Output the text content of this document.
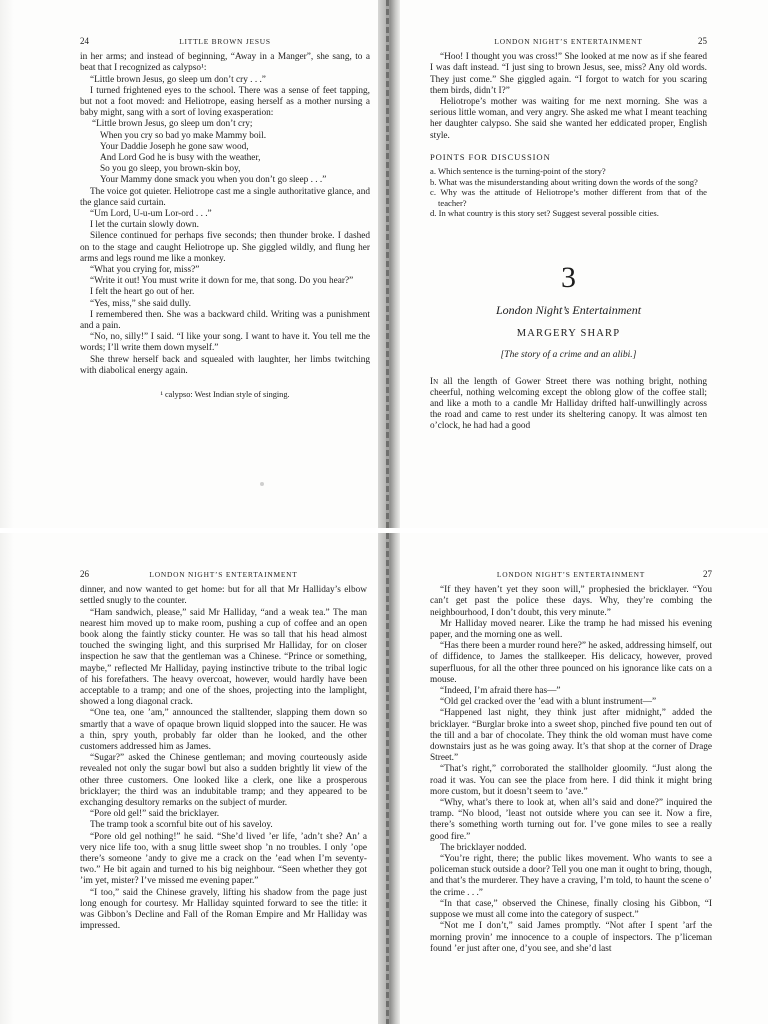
24	LITTLE BROWN JESUS

in her arms; and instead of beginning, “Away in a Manger”, she sang, to a beat that I recognized as calypso¹:

“Little brown Jesus, go sleep um don’t cry . . .”

I turned frightened eyes to the school. There was a sense of feet tapping, but not a foot moved: and Heliotrope, easing herself as a mother nursing a baby might, sang with a sort of loving exasperation:

“Little brown Jesus, go sleep um don’t cry;
When you cry so bad yo make Mammy boil.
Your Daddie Joseph he gone saw wood,
And Lord God he is busy with the weather,
So you go sleep, you brown-skin boy,
Your Mammy done smack you when you don’t go sleep . . .”

The voice got quieter. Heliotrope cast me a single authoritative glance, and the glance said curtain.

“Um Lord, U-u-um Lor-ord . . .”

I let the curtain slowly down.

Silence continued for perhaps five seconds; then thunder broke. I dashed on to the stage and caught Heliotrope up. She giggled wildly, and flung her arms and legs round me like a monkey.

“What you crying for, miss?”

“Write it out! You must write it down for me, that song. Do you hear?”

I felt the heart go out of her.

“Yes, miss,” she said dully.

I remembered then. She was a backward child. Writing was a punishment and a pain.

“No, no, silly!” I said. “I like your song. I want to have it. You tell me the words; I’ll write them down myself.”

She threw herself back and squealed with laughter, her limbs twitching with diabolical energy again.

¹ calypso: West Indian style of singing.
LONDON NIGHT’S ENTERTAINMENT	25

“Hoo! I thought you was cross!” She looked at me now as if she feared I was daft instead. “I just sing to brown Jesus, see, miss? Any old words. They just come.” She giggled again. “I forgot to watch for you scaring them birds, didn’t I?”

Heliotrope’s mother was waiting for me next morning. She was a serious little woman, and very angry. She asked me what I meant teaching her daughter calypso. She said she wanted her eddicated proper, English style.

POINTS FOR DISCUSSION
a. Which sentence is the turning-point of the story?
b. What was the misunderstanding about writing down the words of the song?
c. Why was the attitude of Heliotrope’s mother different from that of the teacher?
d. In what country is this story set? Suggest several possible cities.
3
London Night’s Entertainment
MARGERY SHARP
[The story of a crime and an alibi.]

In all the length of Gower Street there was nothing bright, nothing cheerful, nothing welcoming except the oblong glow of the coffee stall; and like a moth to a candle Mr Halliday drifted half-unwillingly across the road and came to rest under its sheltering canopy. It was almost ten o’clock, he had had a good

26	LONDON NIGHT’S ENTERTAINMENT

dinner, and now wanted to get home: but for all that Mr Halliday’s elbow settled snugly to the counter.

“Ham sandwich, please,” said Mr Halliday, “and a weak tea.” The man nearest him moved up to make room, pushing a cup of coffee and an open book along the faintly sticky counter. He was so tall that his head almost touched the swinging light, and this surprised Mr Halliday, for on closer inspection he saw that the gentleman was a Chinese. “Prince or something, maybe,” reflected Mr Halliday, paying instinctive tribute to the tribal logic of his forefathers. The heavy overcoat, however, would hardly have been acceptable to a tramp; and one of the shoes, projecting into the lamplight, showed a long diagonal crack.

“One tea, one ’am,” announced the stalltender, slapping them down so smartly that a wave of opaque brown liquid slopped into the saucer. He was a thin, spry youth, probably far older than he looked, and the other customers addressed him as James.

“Sugar?” asked the Chinese gentleman; and moving courteously aside revealed not only the sugar bowl but also a sudden brightly lit view of the other three customers. One looked like a clerk, one like a prosperous bricklayer; the third was an indubitable tramp; and they appeared to be exchanging desultory remarks on the subject of murder.

“Pore old gel!” said the bricklayer.

The tramp took a scornful bite out of his saveloy.

“Pore old gel nothing!” he said. “She’d lived ’er life, ’adn’t she? An’ a very nice life too, with a snug little sweet shop ’n no troubles. I only ’ope there’s someone ’andy to give me a crack on the ’ead when I’m seventy-two.” He bit again and turned to his big neighbour. “Seen whether they got ’im yet, mister? I’ve missed me evening paper.”

“I too,” said the Chinese gravely, lifting his shadow from the page just long enough for courtesy. Mr Halliday squinted forward to see the title: it was Gibbon’s Decline and Fall of the Roman Empire and Mr Halliday was impressed.

LONDON NIGHT’S ENTERTAINMENT	27

“If they haven’t yet they soon will,” prophesied the bricklayer. “You can’t get past the police these days. Why, they’re combing the neighbourhood, I don’t doubt, this very minute.”

Mr Halliday moved nearer. Like the tramp he had missed his evening paper, and the morning one as well.

“Has there been a murder round here?” he asked, addressing himself, out of diffidence, to James the stallkeeper. His delicacy, however, proved superfluous, for all the other three pounced on his ignorance like cats on a mouse.

“Indeed, I’m afraid there has—”

“Old gel cracked over the ’ead with a blunt instrument—”

“Happened last night, they think just after midnight,” added the bricklayer. “Burglar broke into a sweet shop, pinched five pound ten out of the till and a bar of chocolate. They think the old woman must have come downstairs just as he was going away. It’s that shop at the corner of Drage Street.”

“That’s right,” corroborated the stallholder gloomily. “Just along the road it was. You can see the place from here. I did think it might bring more custom, but it doesn’t seem to ’ave.”

“Why, what’s there to look at, when all’s said and done?” inquired the tramp. “No blood, ’least not outside where you can see it. Now a fire, there’s something worth turning out for. I’ve gone miles to see a really good fire.”

The bricklayer nodded.

“You’re right, there; the public likes movement. Who wants to see a policeman stuck outside a door? Tell you one man it ought to bring, though, and that’s the murderer. They have a craving, I’m told, to haunt the scene o’ the crime . . .”

“In that case,” observed the Chinese, finally closing his Gibbon, “I suppose we must all come into the category of suspect.”

“Not me I don’t,” said James promptly. “Not after I spent ’arf the morning provin’ me innocence to a couple of inspectors. The p’liceman found ’er just after one, d’you see, and she’d last
